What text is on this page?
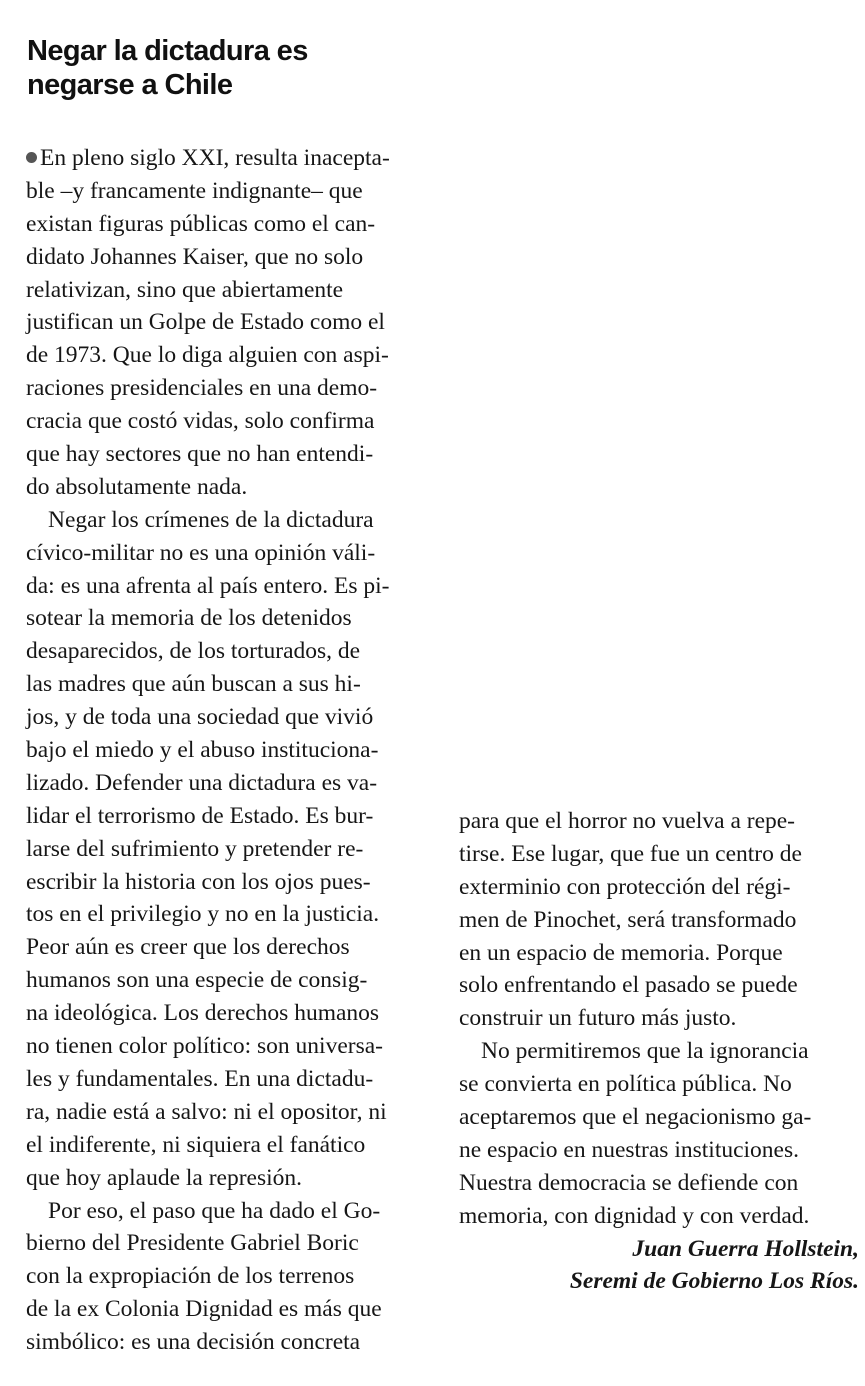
Negar la dictadura es
negarse a Chile
En pleno siglo XXI, resulta inacepta-
ble –y francamente indignante– que
existan figuras públicas como el can-
didato Johannes Kaiser, que no solo
relativizan, sino que abiertamente
justifican un Golpe de Estado como el
de 1973. Que lo diga alguien con aspi-
raciones presidenciales en una demo-
cracia que costó vidas, solo confirma
que hay sectores que no han entendi-
do absolutamente nada.
Negar los crímenes de la dictadura
cívico-militar no es una opinión váli-
da: es una afrenta al país entero. Es pi-
sotear la memoria de los detenidos
desaparecidos, de los torturados, de
las madres que aún buscan a sus hi-
jos, y de toda una sociedad que vivió
bajo el miedo y el abuso instituciona-
lizado. Defender una dictadura es va-
lidar el terrorismo de Estado. Es bur-
larse del sufrimiento y pretender re-
escribir la historia con los ojos pues-
tos en el privilegio y no en la justicia.
Peor aún es creer que los derechos
humanos son una especie de consig-
na ideológica. Los derechos humanos
no tienen color político: son universa-
les y fundamentales. En una dictadu-
ra, nadie está a salvo: ni el opositor, ni
el indiferente, ni siquiera el fanático
que hoy aplaude la represión.
Por eso, el paso que ha dado el Go-
bierno del Presidente Gabriel Boric
con la expropiación de los terrenos
de la ex Colonia Dignidad es más que
simbólico: es una decisión concreta
para que el horror no vuelva a repe-
tirse. Ese lugar, que fue un centro de
exterminio con protección del régi-
men de Pinochet, será transformado
en un espacio de memoria. Porque
solo enfrentando el pasado se puede
construir un futuro más justo.
No permitiremos que la ignorancia
se convierta en política pública. No
aceptaremos que el negacionismo ga-
ne espacio en nuestras instituciones.
Nuestra democracia se defiende con
memoria, con dignidad y con verdad.
Juan Guerra Hollstein,
Seremi de Gobierno Los Ríos.
